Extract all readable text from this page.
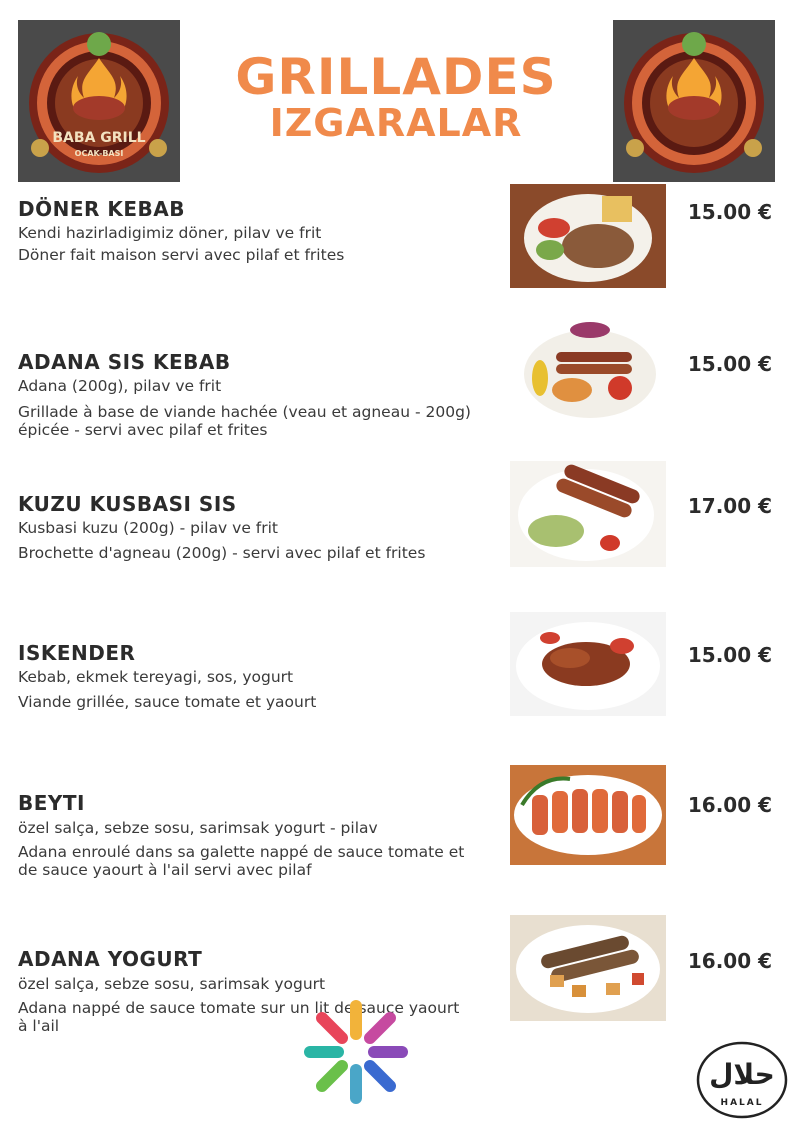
BABA GRILL
OCAK-BASI
GRILLADES
IZGARALAR
DÖNER KEBAB
Kendi hazirladigimiz döner, pilav ve frit
Döner fait maison servi avec pilaf et frites
15.00 €
ADANA SIS KEBAB
Adana (200g), pilav ve frit
Grillade à base de viande hachée (veau et agneau - 200g)
épicée - servi avec pilaf et frites
15.00 €
KUZU KUSBASI SIS
Kusbasi kuzu (200g) - pilav ve frit
Brochette d'agneau (200g) - servi avec pilaf et frites
17.00 €
ISKENDER
Kebab, ekmek tereyagi, sos, yogurt
Viande grillée, sauce tomate et yaourt
15.00 €
BEYTI
özel salça, sebze sosu, sarimsak yogurt - pilav
Adana enroulé dans sa galette nappé de sauce tomate et
de sauce yaourt à l'ail servi avec pilaf
16.00 €
ADANA YOGURT
özel salça, sebze sosu, sarimsak yogurt
Adana nappé de sauce tomate sur un lit de sauce yaourt
à l'ail
16.00 €
حلال
HALAL
